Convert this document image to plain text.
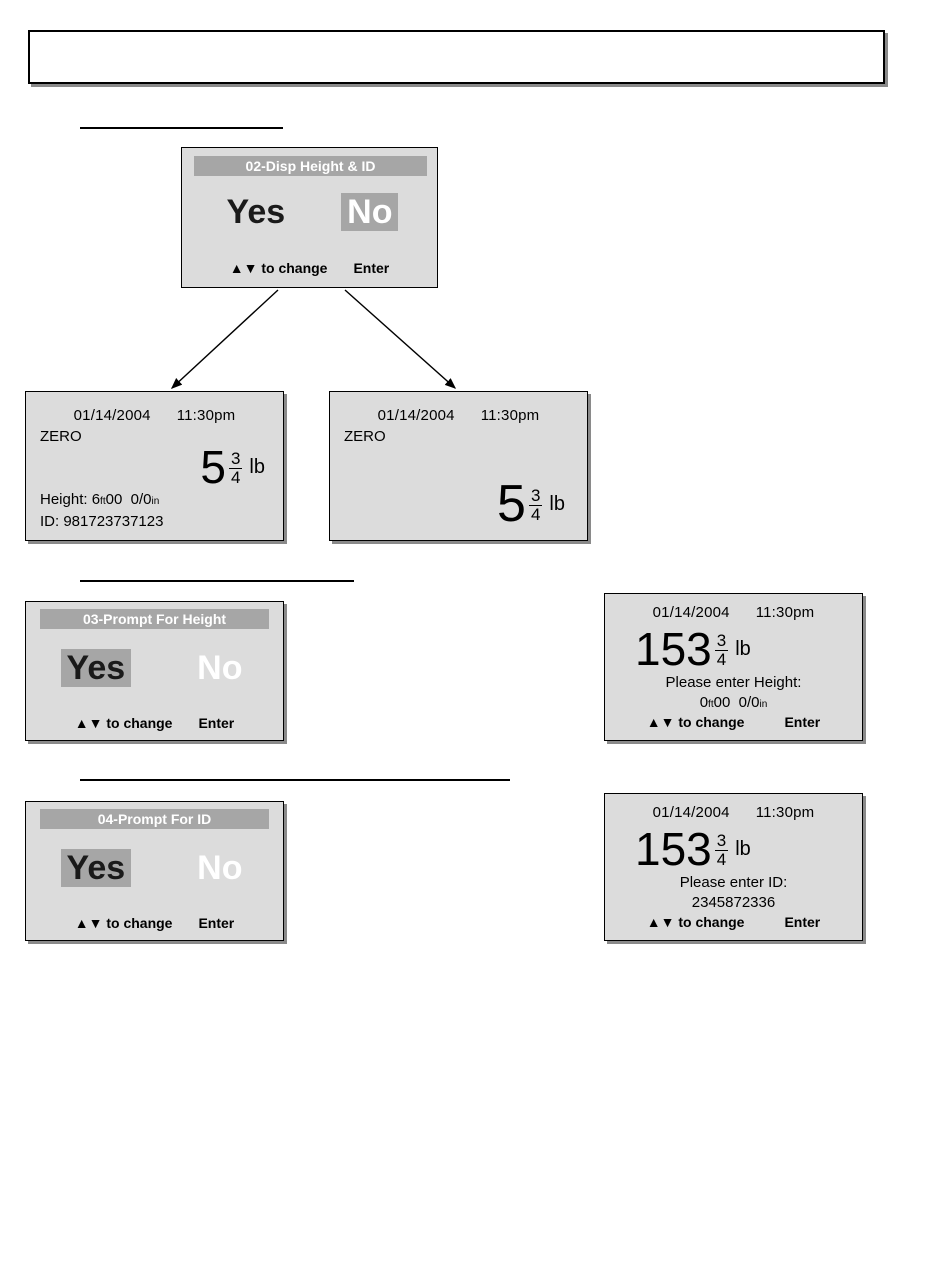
02-Disp Height & ID
Yes No
▲▼ to change Enter
01/14/2004 11:30pm
ZERO
$5 \frac{3}{4}$ lb
Height: 6ft00 0/0in
ID: 981723737123
01/14/2004 11:30pm
ZERO
$5 \frac{3}{4}$ lb
03-Prompt For Height
Yes No
▲▼ to change Enter
01/14/2004 11:30pm
$153 \frac{3}{4}$ lb
Please enter Height:
0ft00 0/0in
▲▼ to change	Enter
04-Prompt For ID
Yes No
▲▼ to change Enter
01/14/2004 11:30pm
$153 \frac{3}{4}$ lb
Please enter ID:
2345872336
▲▼ to change	Enter
